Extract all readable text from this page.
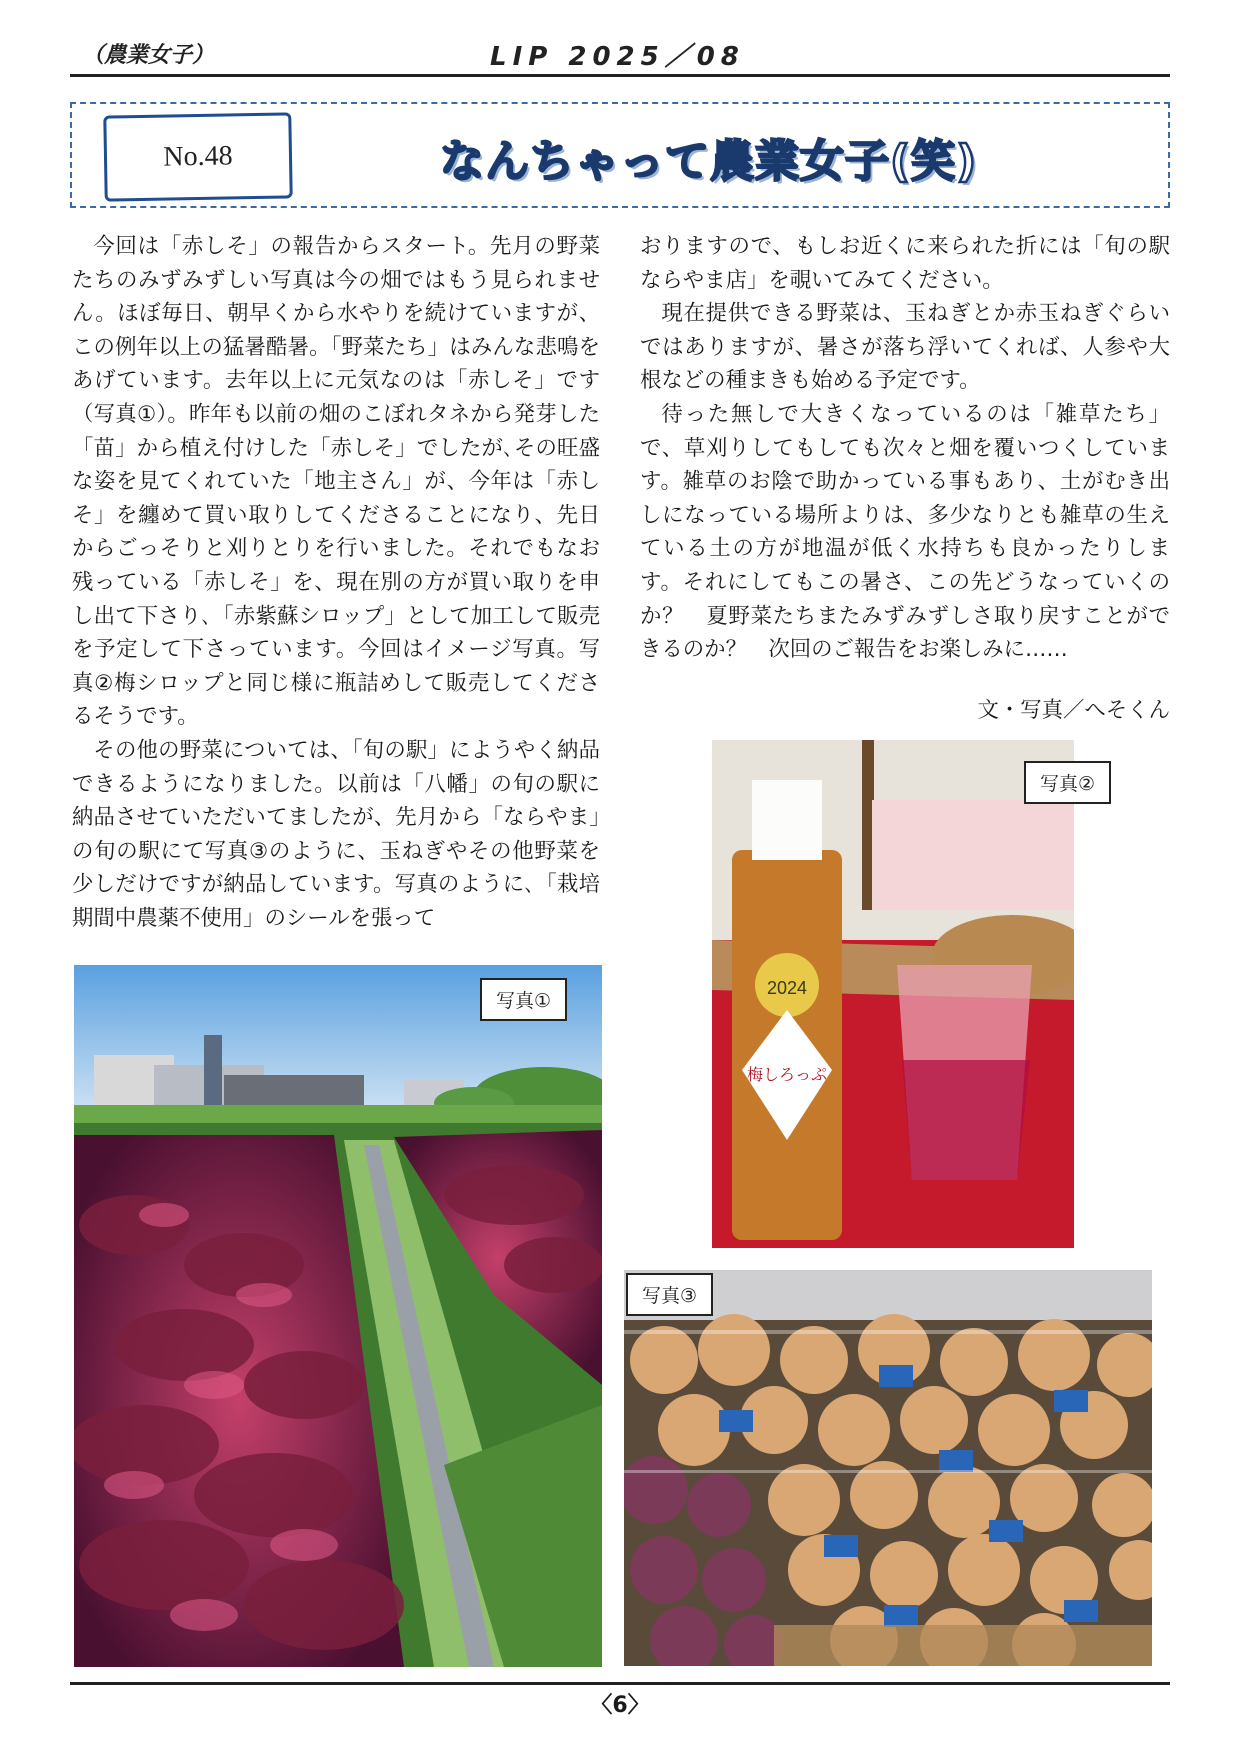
（農業女子）	LIP 2025／08
No.48	なんちゃって農業女子(笑)

今回は「赤しそ」の報告からスタート。先月の野菜たちのみずみずしい写真は今の畑ではもう見られません。ほぼ毎日、朝早くから水やりを続けていますが、この例年以上の猛暑酷暑。「野菜たち」はみんな悲鳴をあげています。去年以上に元気なのは「赤しそ」です（写真①）。昨年も以前の畑のこぼれタネから発芽した「苗」から植え付けした「赤しそ」でしたが､その旺盛な姿を見てくれていた「地主さん」が、今年は「赤しそ」を纏めて買い取りしてくださることになり、先日からごっそりと刈りとりを行いました。それでもなお残っている「赤しそ」を、現在別の方が買い取りを申し出て下さり､「赤紫蘇シロップ」として加工して販売を予定して下さっています。今回はイメージ写真。写真②梅シロップと同じ様に瓶詰めして販売してくださるそうです。

その他の野菜については、「旬の駅」にようやく納品できるようになりました。以前は「八幡」の旬の駅に納品させていただいてましたが、先月から「ならやま」の旬の駅にて写真③のように、玉ねぎやその他野菜を少しだけですが納品しています。写真のように､「栽培期間中農薬不使用」のシールを張って

おりますので、もしお近くに来られた折には「旬の駅ならやま店」を覗いてみてください。

現在提供できる野菜は、玉ねぎとか赤玉ねぎぐらいではありますが、暑さが落ち浮いてくれば、人参や大根などの種まきも始める予定です。

待った無しで大きくなっているのは「雑草たち」で、草刈りしてもしても次々と畑を覆いつくしています。雑草のお陰で助かっている事もあり、土がむき出しになっている場所よりは、多少なりとも雑草の生えている土の方が地温が低く水持ちも良かったりします。それにしてもこの暑さ、この先どうなっていくのか？　夏野菜たちまたみずみずしさ取り戻すことができるのか？　次回のご報告をお楽しみに……

文・写真／へそくん
写真①
2024
梅しろっぷ
写真②
写真③
〈6〉
